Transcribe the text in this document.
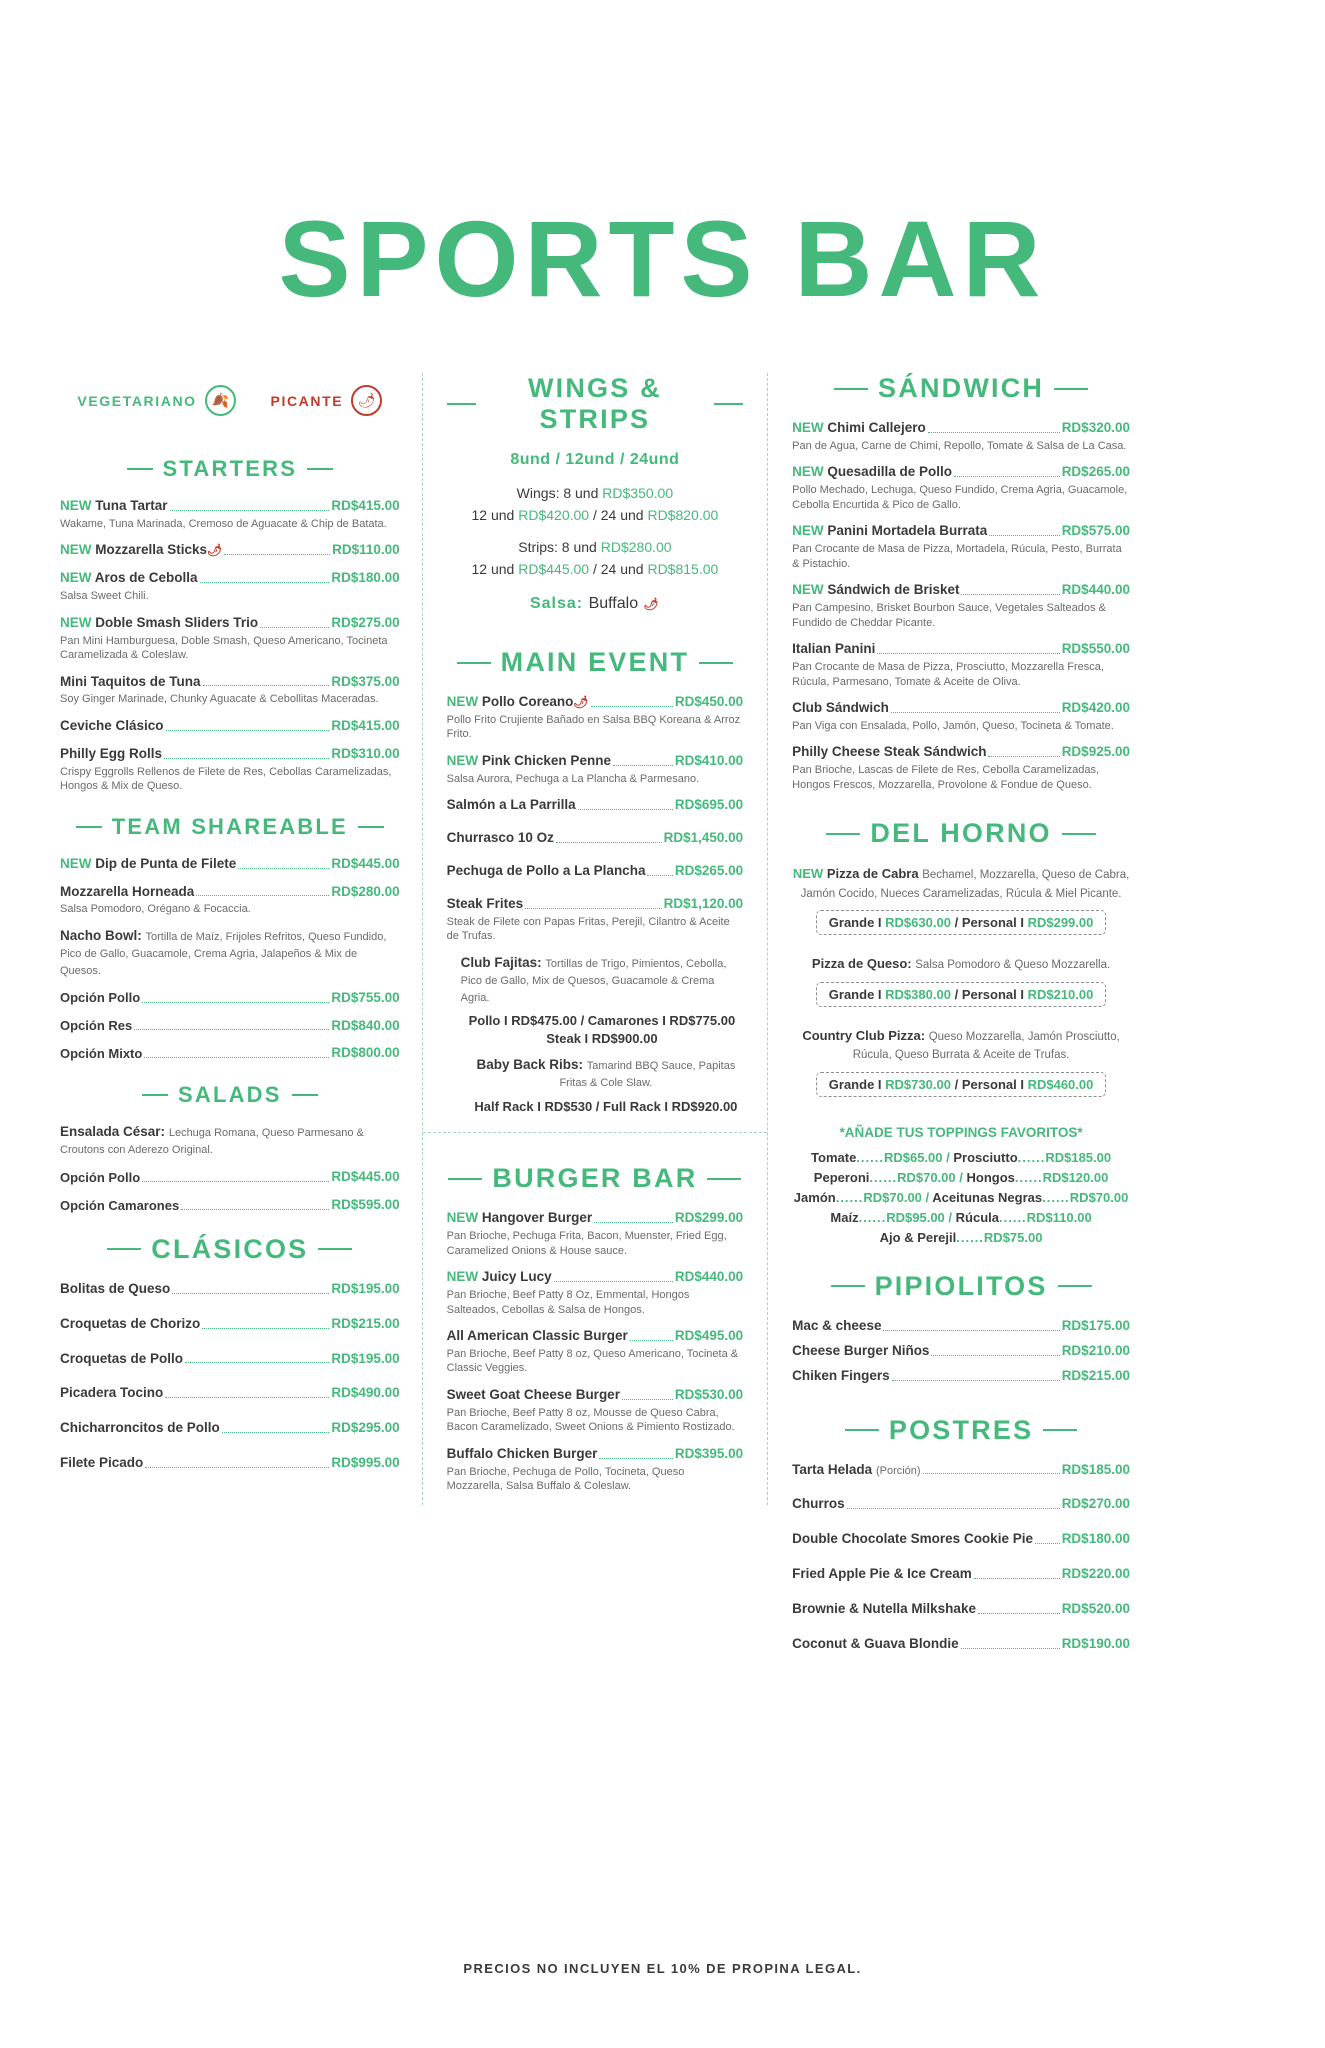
SPORTS BAR
VEGETARIANO	🍂	PICANTE	🌶
STARTERS
NEW Tuna Tartar	RD$415.00
Wakame, Tuna Marinada, Cremoso de Aguacate & Chip de Batata.
NEW Mozzarella Sticks🌶	RD$110.00
NEW Aros de Cebolla	RD$180.00
Salsa Sweet Chili.
NEW Doble Smash Sliders Trio	RD$275.00
Pan Mini Hamburguesa, Doble Smash, Queso Americano, Tocineta Caramelizada & Coleslaw.
Mini Taquitos de Tuna	RD$375.00
Soy Ginger Marinade, Chunky Aguacate & Cebollitas Maceradas.
Ceviche Clásico	RD$415.00
Philly Egg Rolls	RD$310.00
Crispy Eggrolls Rellenos de Filete de Res, Cebollas Caramelizadas, Hongos & Mix de Queso.
TEAM SHAREABLE
NEW Dip de Punta de Filete	RD$445.00
Mozzarella Horneada	RD$280.00
Salsa Pomodoro, Orégano & Focaccia.
Nacho Bowl: Tortilla de Maíz, Frijoles Refritos, Queso Fundido, Pico de Gallo, Guacamole, Crema Agria, Jalapeños & Mix de Quesos.
Opción Pollo	RD$755.00
Opción Res	RD$840.00
Opción Mixto	RD$800.00
SALADS
Ensalada César: Lechuga Romana, Queso Parmesano & Croutons con Aderezo Original.
Opción Pollo	RD$445.00
Opción Camarones	RD$595.00
CLÁSICOS
Bolitas de Queso	RD$195.00
Croquetas de Chorizo	RD$215.00
Croquetas de Pollo	RD$195.00
Picadera Tocino	RD$490.00
Chicharroncitos de Pollo	RD$295.00
Filete Picado	RD$995.00
WINGS & STRIPS
8und / 12und / 24und
Wings: 8 und RD$350.00
12 und RD$420.00 / 24 und RD$820.00
Strips: 8 und RD$280.00
12 und RD$445.00 / 24 und RD$815.00
Salsa: Buffalo 🌶
MAIN EVENT
NEW Pollo Coreano🌶	RD$450.00
Pollo Frito Crujiente Bañado en Salsa BBQ Koreana & Arroz Frito.
NEW Pink Chicken Penne	RD$410.00
Salsa Aurora, Pechuga a La Plancha & Parmesano.
Salmón a La Parrilla	RD$695.00
Churrasco 10 Oz	RD$1,450.00
Pechuga de Pollo a La Plancha RD$265.00
Steak Frites	RD$1,120.00
Steak de Filete con Papas Fritas, Perejil, Cilantro & Aceite de Trufas.
Club Fajitas: Tortillas de Trigo, Pimientos, Cebolla, Pico de Gallo, Mix de Quesos, Guacamole & Crema Agria.
Pollo I RD$475.00 / Camarones I RD$775.00
Steak I RD$900.00
Baby Back Ribs: Tamarind BBQ Sauce, Papitas Fritas & Cole Slaw.
Half Rack I RD$530 / Full Rack I RD$920.00
BURGER BAR
NEW Hangover Burger	RD$299.00
Pan Brioche, Pechuga Frita, Bacon, Muenster, Fried Egg, Caramelized Onions & House sauce.
NEW Juicy Lucy	RD$440.00
Pan Brioche, Beef Patty 8 Oz, Emmental, Hongos Salteados, Cebollas & Salsa de Hongos.
All American Classic Burger	RD$495.00
Pan Brioche, Beef Patty 8 oz, Queso Americano, Tocineta & Classic Veggies.
Sweet Goat Cheese Burger	RD$530.00
Pan Brioche, Beef Patty 8 oz, Mousse de Queso Cabra, Bacon Caramelizado, Sweet Onions & Pimiento Rostizado.
Buffalo Chicken Burger	RD$395.00
Pan Brioche, Pechuga de Pollo, Tocineta, Queso Mozzarella, Salsa Buffalo & Coleslaw.
SÁNDWICH
NEW Chimi Callejero	RD$320.00
Pan de Agua, Carne de Chimi, Repollo, Tomate & Salsa de La Casa.
NEW Quesadilla de Pollo	RD$265.00
Pollo Mechado, Lechuga, Queso Fundido, Crema Agria, Guacamole, Cebolla Encurtida & Pico de Gallo.
NEW Panini Mortadela Burrata	RD$575.00
Pan Crocante de Masa de Pizza, Mortadela, Rúcula, Pesto, Burrata & Pistachio.
NEW Sándwich de Brisket	RD$440.00
Pan Campesino, Brisket Bourbon Sauce, Vegetales Salteados & Fundido de Cheddar Picante.
Italian Panini	RD$550.00
Pan Crocante de Masa de Pizza, Prosciutto, Mozzarella Fresca, Rúcula, Parmesano, Tomate & Aceite de Oliva.
Club Sándwich	RD$420.00
Pan Viga con Ensalada, Pollo, Jamón, Queso, Tocineta & Tomate.
Philly Cheese Steak Sándwich	RD$925.00
Pan Brioche, Lascas de Filete de Res, Cebolla Caramelizadas, Hongos Frescos, Mozzarella, Provolone & Fondue de Queso.
DEL HORNO
NEW Pizza de Cabra Bechamel, Mozzarella, Queso de Cabra, Jamón Cocido, Nueces Caramelizadas, Rúcula & Miel Picante.
Grande I RD$630.00 / Personal I RD$299.00
Pizza de Queso: Salsa Pomodoro & Queso Mozzarella.
Grande I RD$380.00 / Personal I RD$210.00
Country Club Pizza: Queso Mozzarella, Jamón Prosciutto, Rúcula, Queso Burrata & Aceite de Trufas.
Grande I RD$730.00 / Personal I RD$460.00
*AÑADE TUS TOPPINGS FAVORITOS*
Tomate......RD$65.00 / Prosciutto......RD$185.00
Peperoni......RD$70.00 / Hongos......RD$120.00
Jamón......RD$70.00 / Aceitunas Negras......RD$70.00
Maíz......RD$95.00 / Rúcula......RD$110.00
Ajo & Perejil......RD$75.00
PIPIOLITOS
Mac & cheese	RD$175.00
Cheese Burger Niños	RD$210.00
Chiken Fingers	RD$215.00
POSTRES
Tarta Helada (Porción)	RD$185.00
Churros	RD$270.00
Double Chocolate Smores Cookie Pie RD$180.00
Fried Apple Pie & Ice Cream	RD$220.00
Brownie & Nutella Milkshake	RD$520.00
Coconut & Guava Blondie	RD$190.00
PRECIOS NO INCLUYEN EL 10% DE PROPINA LEGAL.
